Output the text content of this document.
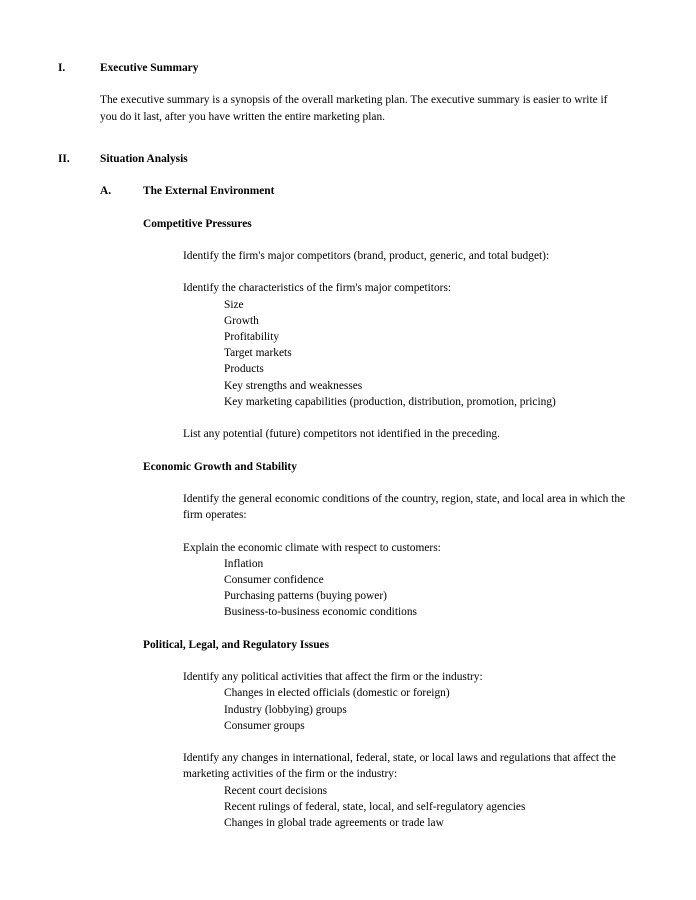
I.	Executive Summary
The executive summary is a synopsis of the overall marketing plan. The executive summary is easier to write if you do it last, after you have written the entire marketing plan.
II.	Situation Analysis
A.	The External Environment
Competitive Pressures
Identify the firm's major competitors (brand, product, generic, and total budget):
Identify the characteristics of the firm's major competitors:
Size
Growth
Profitability
Target markets
Products
Key strengths and weaknesses
Key marketing capabilities (production, distribution, promotion, pricing)
List any potential (future) competitors not identified in the preceding.
Economic Growth and Stability
Identify the general economic conditions of the country, region, state, and local area in which the firm operates:
Explain the economic climate with respect to customers:
Inflation
Consumer confidence
Purchasing patterns (buying power)
Business-to-business economic conditions
Political, Legal, and Regulatory Issues
Identify any political activities that affect the firm or the industry:
Changes in elected officials (domestic or foreign)
Industry (lobbying) groups
Consumer groups
Identify any changes in international, federal, state, or local laws and regulations that affect the marketing activities of the firm or the industry:
Recent court decisions
Recent rulings of federal, state, local, and self-regulatory agencies
Changes in global trade agreements or trade law
